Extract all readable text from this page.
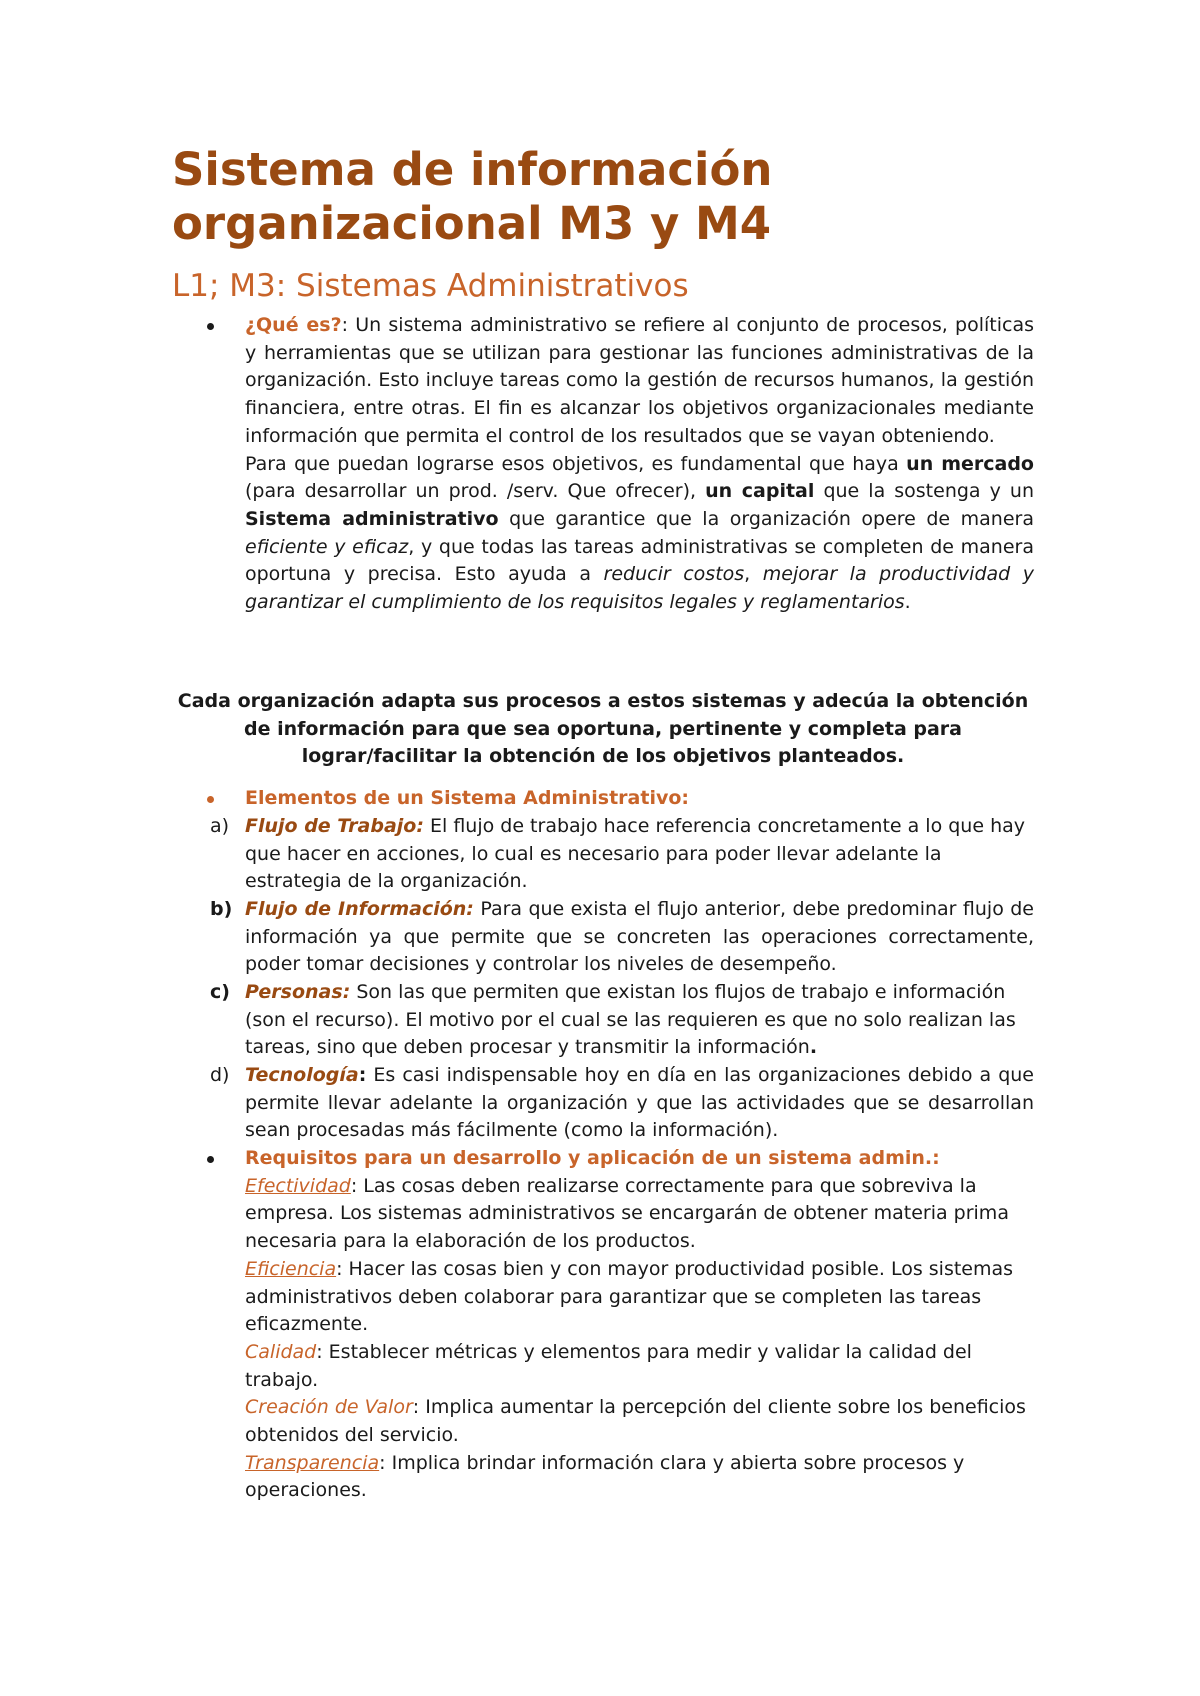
Sistema de información organizacional M3 y M4
L1; M3: Sistemas Administrativos

¿Qué es?: Un sistema administrativo se refiere al conjunto de procesos, políticas y herramientas que se utilizan para gestionar las funciones administrativas de la organización. Esto incluye tareas como la gestión de recursos humanos, la gestión financiera, entre otras. El fin es alcanzar los objetivos organizacionales mediante información que permita el control de los resultados que se vayan obteniendo.

Para que puedan lograrse esos objetivos, es fundamental que haya un mercado (para desarrollar un prod. /serv. Que ofrecer), un capital que la sostenga y un Sistema administrativo que garantice que la organización opere de manera eficiente y eficaz, y que todas las tareas administrativas se completen de manera oportuna y precisa. Esto ayuda a reducir costos, mejorar la productividad y garantizar el cumplimiento de los requisitos legales y reglamentarios.

Cada organización adapta sus procesos a estos sistemas y adecúa la obtención de información para que sea oportuna, pertinente y completa para lograr/facilitar la obtención de los objetivos planteados.

Elementos de un Sistema Administrativo:
a) Flujo de Trabajo: El flujo de trabajo hace referencia concretamente a lo que hay que hacer en acciones, lo cual es necesario para poder llevar adelante la estrategia de la organización.
b) Flujo de Información: Para que exista el flujo anterior, debe predominar flujo de información ya que permite que se concreten las operaciones correctamente, poder tomar decisiones y controlar los niveles de desempeño.
c) Personas: Son las que permiten que existan los flujos de trabajo e información (son el recurso). El motivo por el cual se las requieren es que no solo realizan las tareas, sino que deben procesar y transmitir la información.
d) Tecnología: Es casi indispensable hoy en día en las organizaciones debido a que permite llevar adelante la organización y que las actividades que se desarrollan sean procesadas más fácilmente (como la información).

Requisitos para un desarrollo y aplicación de un sistema admin.:

Efectividad: Las cosas deben realizarse correctamente para que sobreviva la empresa. Los sistemas administrativos se encargarán de obtener materia prima necesaria para la elaboración de los productos.

Eficiencia: Hacer las cosas bien y con mayor productividad posible. Los sistemas administrativos deben colaborar para garantizar que se completen las tareas eficazmente.

Calidad: Establecer métricas y elementos para medir y validar la calidad del trabajo.

Creación de Valor: Implica aumentar la percepción del cliente sobre los beneficios obtenidos del servicio.

Transparencia: Implica brindar información clara y abierta sobre procesos y operaciones.
